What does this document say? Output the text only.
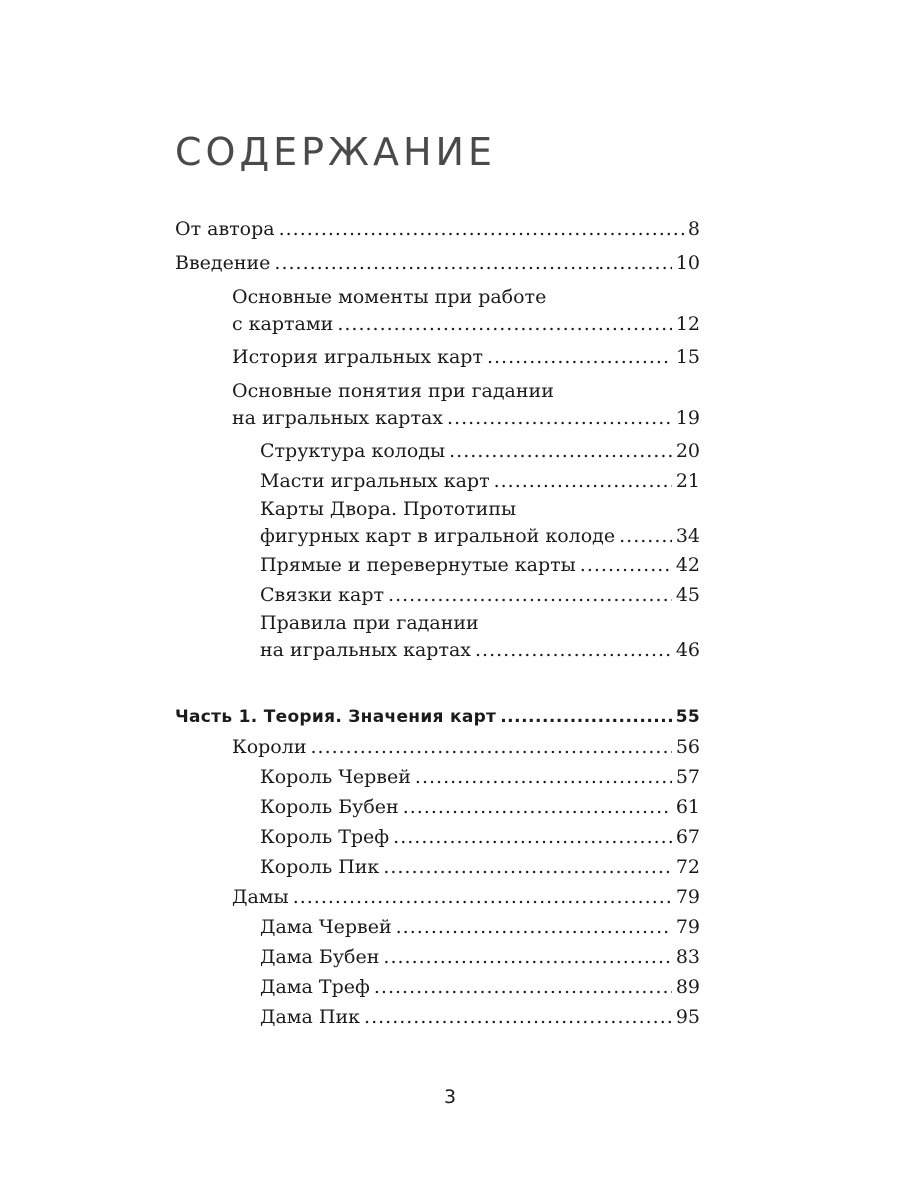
СОДЕРЖАНИЕ
От автора .....	8
Введение .....	10
Основные моменты при работе
с картами .....	12
История игральных карт .....	15
Основные понятия при гадании
на игральных картах .....	19
Структура колоды .....	20
Масти игральных карт .....	21
Карты Двора. Прототипы
фигурных карт в игральной колоде .....	34
Прямые и перевернутые карты .....	42
Связки карт .....	45
Правила при гадании
на игральных картах .....	46
Часть 1. Теория. Значения карт .....	55
Короли .....	56
Король Червей .....	57
Король Бубен .....	61
Король Треф .....	67
Король Пик .....	72
Дамы .....	79
Дама Червей .....	79
Дама Бубен .....	83
Дама Треф .....	89
Дама Пик .....	95
3
